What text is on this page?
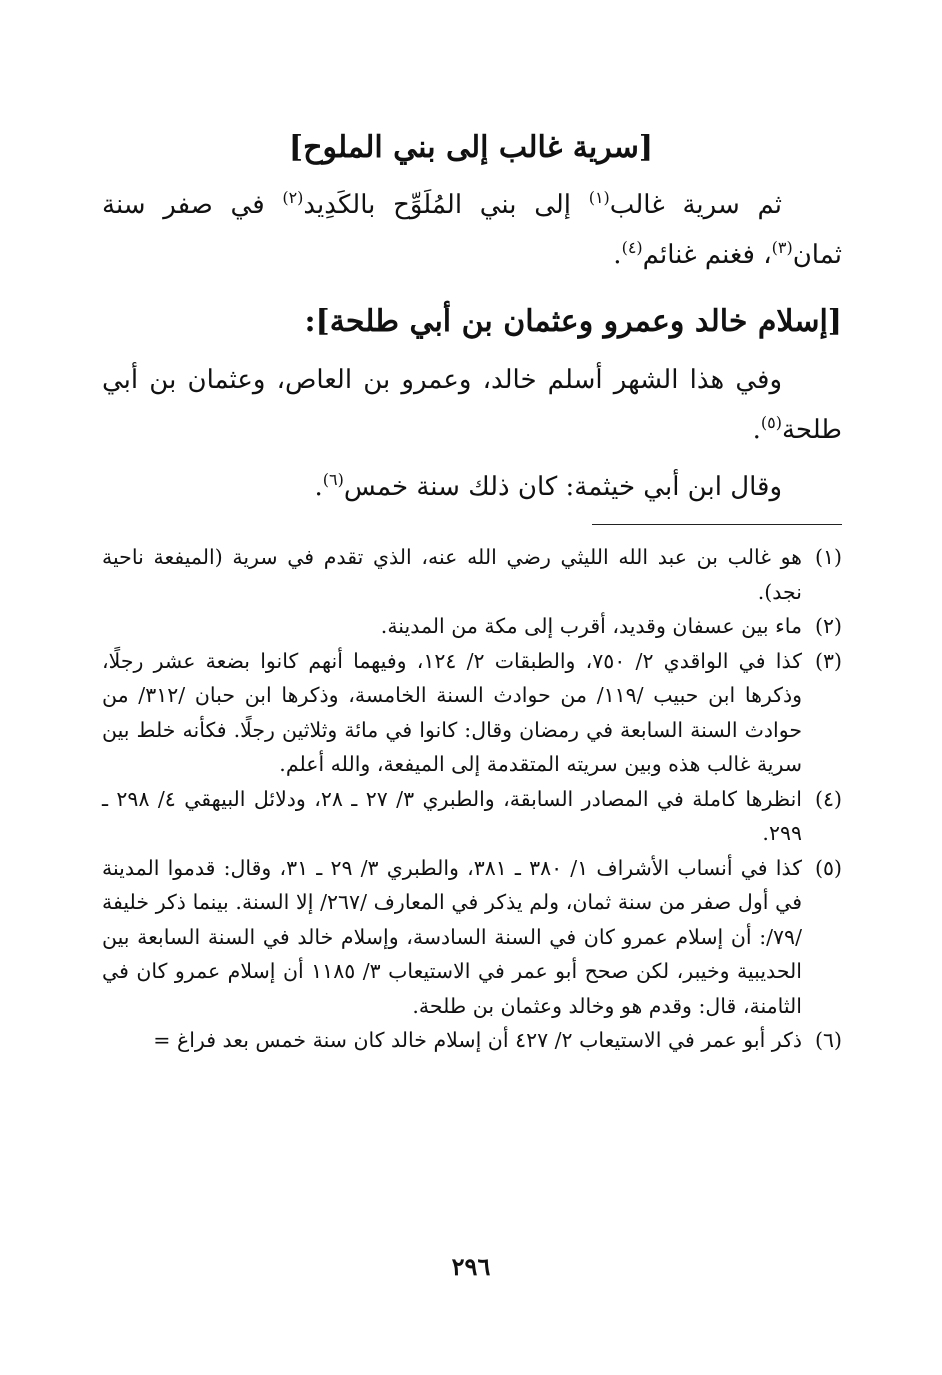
[سرية غالب إلى بني الملوح]
ثم سرية غالب$^{(١)}$ إلى بني المُلَوِّح بالكَدِيد$^{(٢)}$ في صفر سنة ثمان$^{(٣)}$، فغنم غنائم$^{(٤)}$.
[إسلام خالد وعمرو وعثمان بن أبي طلحة]:
وفي هذا الشهر أسلم خالد، وعمرو بن العاص، وعثمان بن أبي طلحة$^{(٥)}$.
وقال ابن أبي خيثمة: كان ذلك سنة خمس$^{(٦)}$.
(١)
هو غالب بن عبد الله الليثي رضي الله عنه، الذي تقدم في سرية (الميفعة ناحية نجد).
(٢)
ماء بين عسفان وقديد، أقرب إلى مكة من المدينة.
(٣)
كذا في الواقدي ٢/ ٧٥٠، والطبقات ٢/ ١٢٤، وفيهما أنهم كانوا بضعة عشر رجلًا، وذكرها ابن حبيب /١١٩/ من حوادث السنة الخامسة، وذكرها ابن حبان /٣١٢/ من حوادث السنة السابعة في رمضان وقال: كانوا في مائة وثلاثين رجلًا. فكأنه خلط بين سرية غالب هذه وبين سريته المتقدمة إلى الميفعة، والله أعلم.
(٤)
انظرها كاملة في المصادر السابقة، والطبري ٣/ ٢٧ ـ ٢٨، ودلائل البيهقي ٤/ ٢٩٨ ـ ٢٩٩.
(٥)
كذا في أنساب الأشراف ١/ ٣٨٠ ـ ٣٨١، والطبري ٣/ ٢٩ ـ ٣١، وقال: قدموا المدينة في أول صفر من سنة ثمان، ولم يذكر في المعارف /٢٦٧/ إلا السنة. بينما ذكر خليفة /٧٩/: أن إسلام عمرو كان في السنة السادسة، وإسلام خالد في السنة السابعة بين الحديبية وخيبر، لكن صحح أبو عمر في الاستيعاب ٣/ ١١٨٥ أن إسلام عمرو كان في الثامنة، قال: وقدم هو وخالد وعثمان بن طلحة.
(٦)
ذكر أبو عمر في الاستيعاب ٢/ ٤٢٧ أن إسلام خالد كان سنة خمس بعد فراغ =
٢٩٦
